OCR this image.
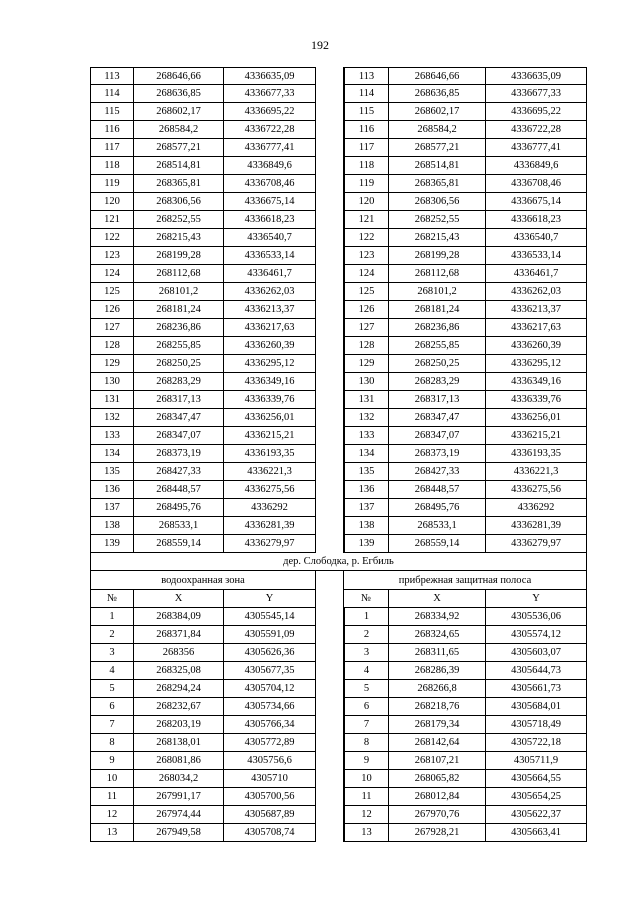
192
113	268646,66	4336635,09	113	268646,66	4336635,09
114	268636,85	4336677,33	114	268636,85	4336677,33
115	268602,17	4336695,22	115	268602,17	4336695,22
116	268584,2	4336722,28	116	268584,2	4336722,28
117	268577,21	4336777,41	117	268577,21	4336777,41
118	268514,81	4336849,6	118	268514,81	4336849,6
119	268365,81	4336708,46	119	268365,81	4336708,46
120	268306,56	4336675,14	120	268306,56	4336675,14
121	268252,55	4336618,23	121	268252,55	4336618,23
122	268215,43	4336540,7	122	268215,43	4336540,7
123	268199,28	4336533,14	123	268199,28	4336533,14
124	268112,68	4336461,7	124	268112,68	4336461,7
125	268101,2	4336262,03	125	268101,2	4336262,03
126	268181,24	4336213,37	126	268181,24	4336213,37
127	268236,86	4336217,63	127	268236,86	4336217,63
128	268255,85	4336260,39	128	268255,85	4336260,39
129	268250,25	4336295,12	129	268250,25	4336295,12
130	268283,29	4336349,16	130	268283,29	4336349,16
131	268317,13	4336339,76	131	268317,13	4336339,76
132	268347,47	4336256,01	132	268347,47	4336256,01
133	268347,07	4336215,21	133	268347,07	4336215,21
134	268373,19	4336193,35	134	268373,19	4336193,35
135	268427,33	4336221,3	135	268427,33	4336221,3
136	268448,57	4336275,56	136	268448,57	4336275,56
137	268495,76	4336292	137	268495,76	4336292
138	268533,1	4336281,39	138	268533,1	4336281,39
139	268559,14	4336279,97	139	268559,14	4336279,97
дер. Слободка, р. Егбиль
водоохранная зона	прибрежная защитная полоса
№	X	Y	№	X	Y
1	268384,09	4305545,14	1	268334,92	4305536,06
2	268371,84	4305591,09	2	268324,65	4305574,12
3	268356	4305626,36	3	268311,65	4305603,07
4	268325,08	4305677,35	4	268286,39	4305644,73
5	268294,24	4305704,12	5	268266,8	4305661,73
6	268232,67	4305734,66	6	268218,76	4305684,01
7	268203,19	4305766,34	7	268179,34	4305718,49
8	268138,01	4305772,89	8	268142,64	4305722,18
9	268081,86	4305756,6	9	268107,21	4305711,9
10	268034,2	4305710	10	268065,82	4305664,55
11	267991,17	4305700,56	11	268012,84	4305654,25
12	267974,44	4305687,89	12	267970,76	4305622,37
13	267949,58	4305708,74	13	267928,21	4305663,41
